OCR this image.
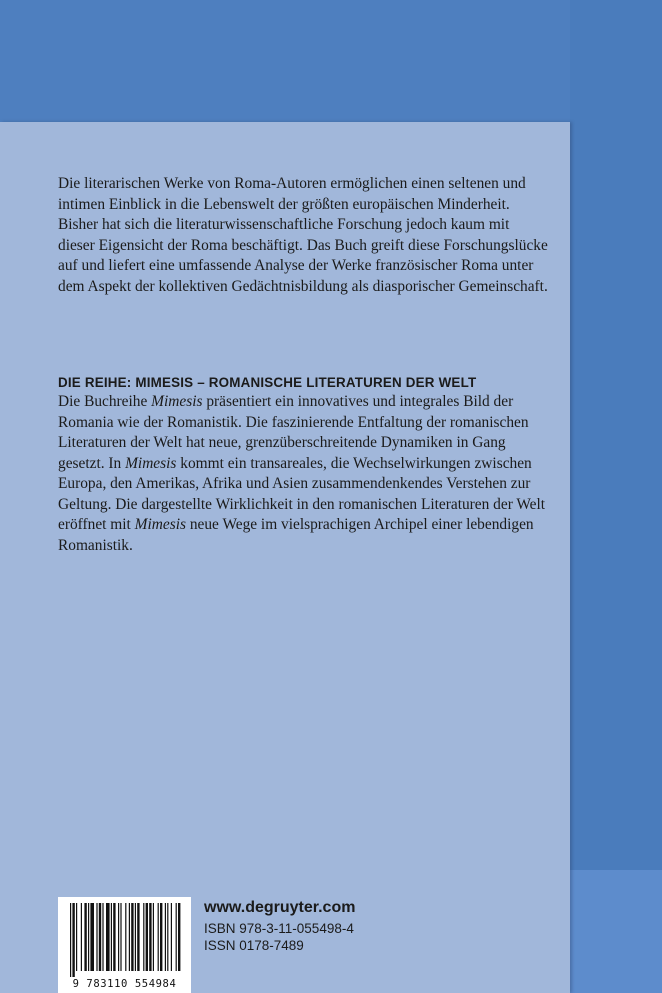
Die literarischen Werke von Roma-Autoren ermöglichen einen seltenen und intimen Einblick in die Lebenswelt der größten europäischen Minderheit. Bisher hat sich die literaturwissenschaftliche Forschung jedoch kaum mit dieser Eigensicht der Roma beschäftigt. Das Buch greift diese Forschungslücke auf und liefert eine umfassende Analyse der Werke französischer Roma unter dem Aspekt der kollektiven Gedächtnisbildung als diasporischer Gemeinschaft.

DIE REIHE: MIMESIS – ROMANISCHE LITERATUREN DER WELT

Die Buchreihe Mimesis präsentiert ein innovatives und integrales Bild der Romania wie der Romanistik. Die faszinierende Entfaltung der romanischen Literaturen der Welt hat neue, grenzüberschreitende Dynamiken in Gang gesetzt. In Mimesis kommt ein transareales, die Wechselwirkungen zwischen Europa, den Amerikas, Afrika und Asien zusammendenkendes Verstehen zur Geltung. Die dargestellte Wirklichkeit in den romanischen Literaturen der Welt eröffnet mit Mimesis neue Wege im vielsprachigen Archipel einer lebendigen Romanistik.

9 783110 554984

www.degruyter.com

ISBN 978-3-11-055498-4

ISSN 0178-7489
